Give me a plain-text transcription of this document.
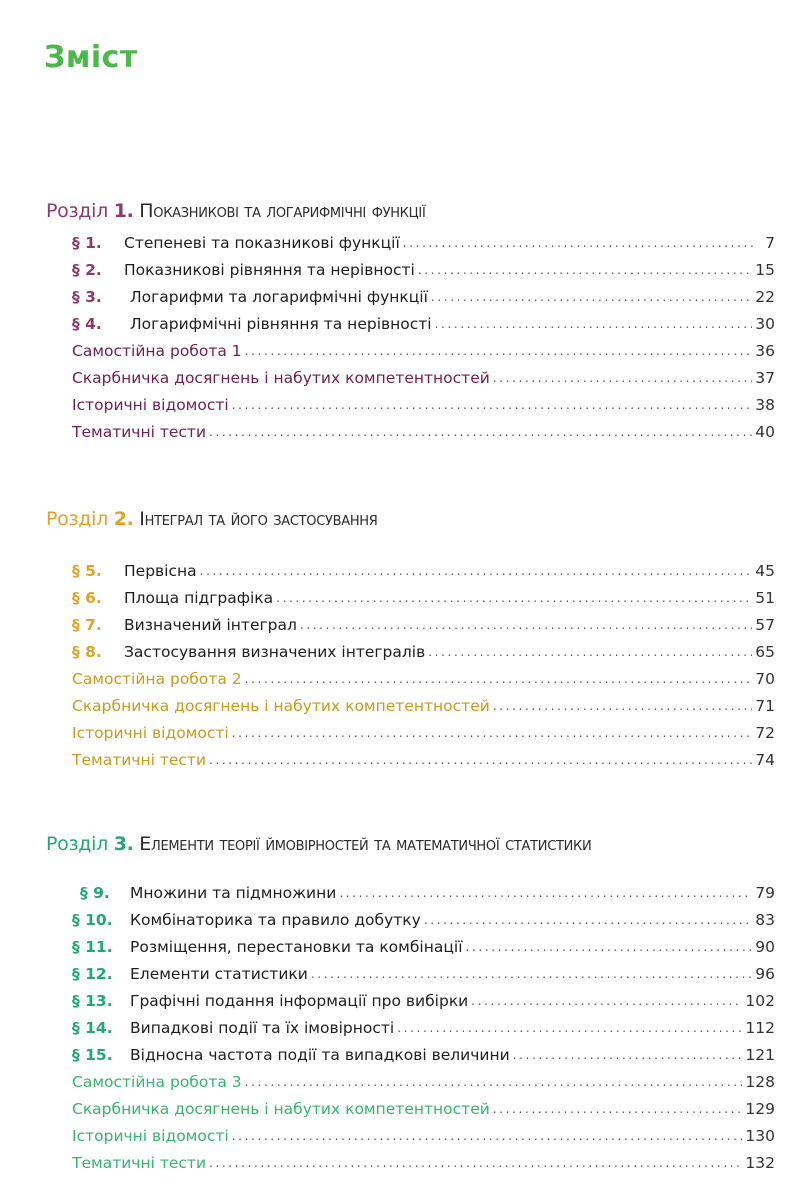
Зміст
Розділ 1. Показникові та логарифмічні функції
§ 1.	Степеневі та показникові функції . . .	7
§ 2.	Показникові рівняння та нерівності . . .	15
§ 3.	Логарифми та логарифмічні функції . . .	22
§ 4.	Логарифмічні рівняння та нерівності . . .	30
Самостійна робота 1 . . .	36
Скарбничка досягнень і набутих компетентностей . . .	37
Історичні відомості . . .	38
Тематичні тести . . .	40
Розділ 2. Інтеграл та його застосування
§ 5.	Первісна . . .	45
§ 6.	Площа підграфіка . . .	51
§ 7.	Визначений інтеграл . . .	57
§ 8.	Застосування визначених інтегралів . . .	65
Самостійна робота 2 . . .	70
Скарбничка досягнень і набутих компетентностей . . .	71
Історичні відомості . . .	72
Тематичні тести . . .	74
Розділ 3. Елементи теорії ймовірностей та математичної статистики
§ 9.	Множини та підмножини . . .	79
§ 10.	Комбінаторика та правило добутку . . .	83
§ 11.	Розміщення, перестановки та комбінації . . .	90
§ 12.	Елементи статистики . . .	96
§ 13.	Графічні подання інформації про вибірки . . .	102
§ 14.	Випадкові події та їх імовірності . . .	112
§ 15.	Відносна частота події та випадкові величини . . .	121
Самостійна робота 3 . . .	128
Скарбничка досягнень і набутих компетентностей . . .	129
Історичні відомості . . .	130
Тематичні тести . . .	132
